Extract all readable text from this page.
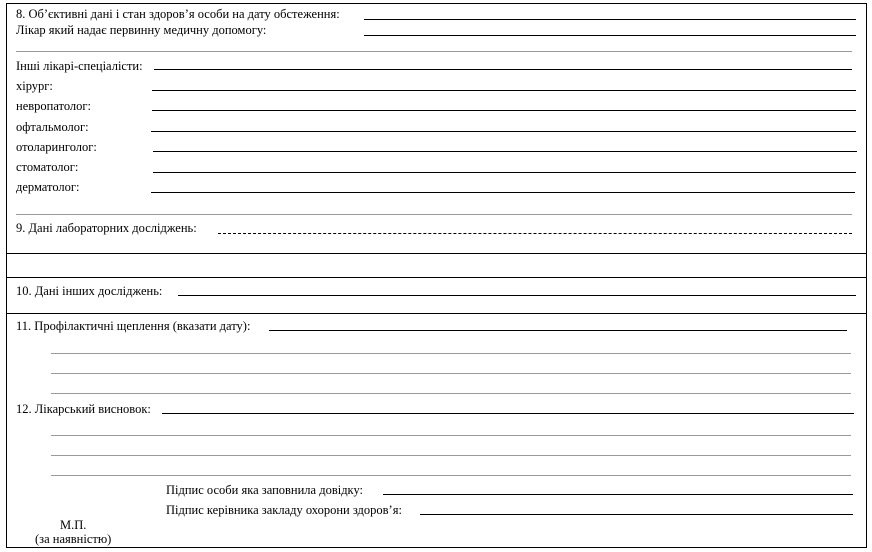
8. Об’єктивні дані і стан здоров’я особи на дату обстеження:
Лікар який надає первинну медичну допомогу:
Інші лікарі-спеціалісти:
хірург:
невропатолог:
офтальмолог:
отоларинголог:
стоматолог:
дерматолог:
9. Дані лабораторних досліджень:
10. Дані інших досліджень:
11. Профілактичні щеплення (вказати дату):
12. Лікарський висновок:
Підпис особи яка заповнила довідку:
Підпис керівника закладу охорони здоров’я:
М.П.
(за наявністю)
